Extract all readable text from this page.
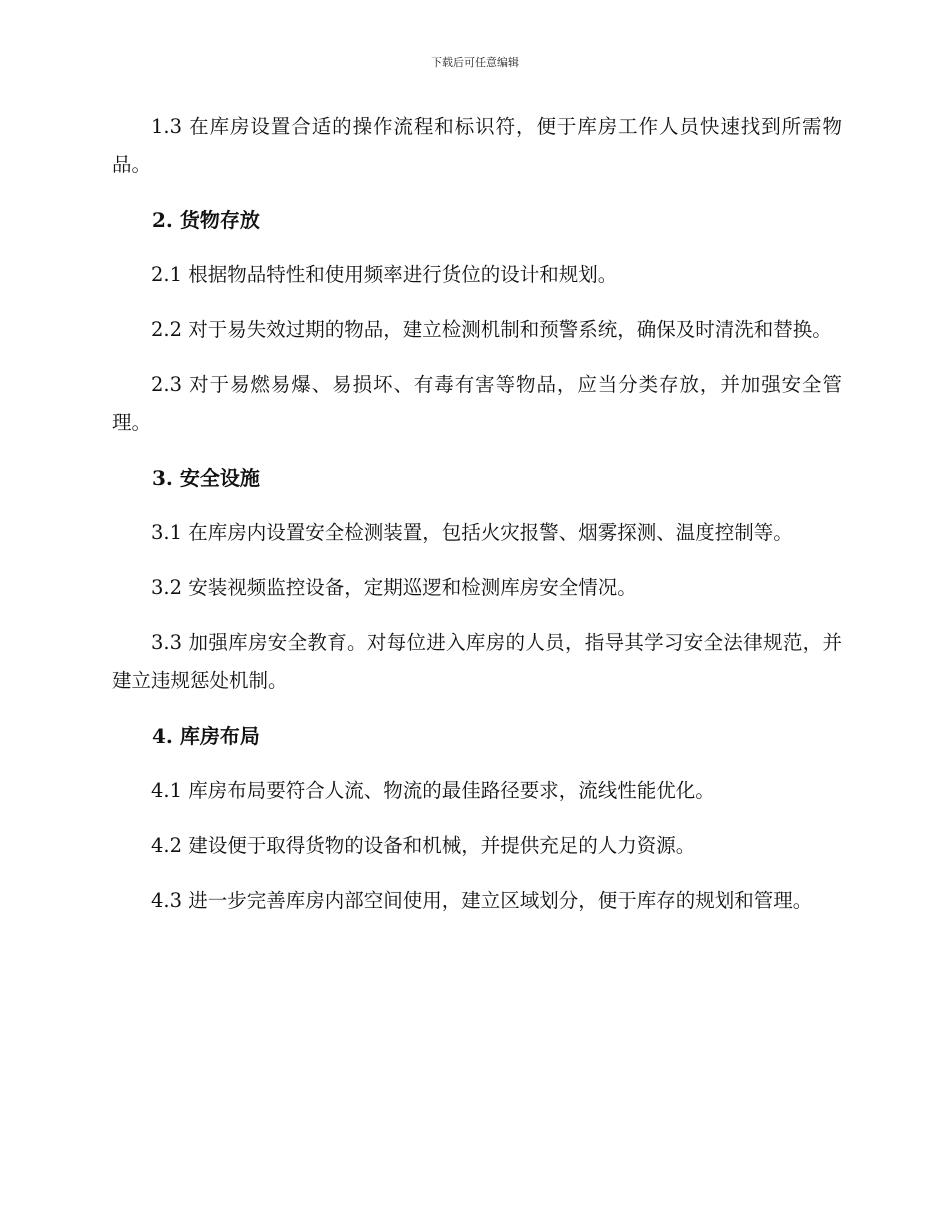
下载后可任意编辑

1.3 在库房设置合适的操作流程和标识符，便于库房工作人员快速找到所需物品。

2. 货物存放

2.1 根据物品特性和使用频率进行货位的设计和规划。

2.2 对于易失效过期的物品，建立检测机制和预警系统，确保及时清洗和替换。

2.3 对于易燃易爆、易损坏、有毒有害等物品，应当分类存放，并加强安全管理。

3. 安全设施

3.1 在库房内设置安全检测装置，包括火灾报警、烟雾探测、温度控制等。

3.2 安装视频监控设备，定期巡逻和检测库房安全情况。

3.3 加强库房安全教育。对每位进入库房的人员，指导其学习安全法律规范，并建立违规惩处机制。

4. 库房布局

4.1 库房布局要符合人流、物流的最佳路径要求，流线性能优化。

4.2 建设便于取得货物的设备和机械，并提供充足的人力资源。

4.3 进一步完善库房内部空间使用，建立区域划分，便于库存的规划和管理。
